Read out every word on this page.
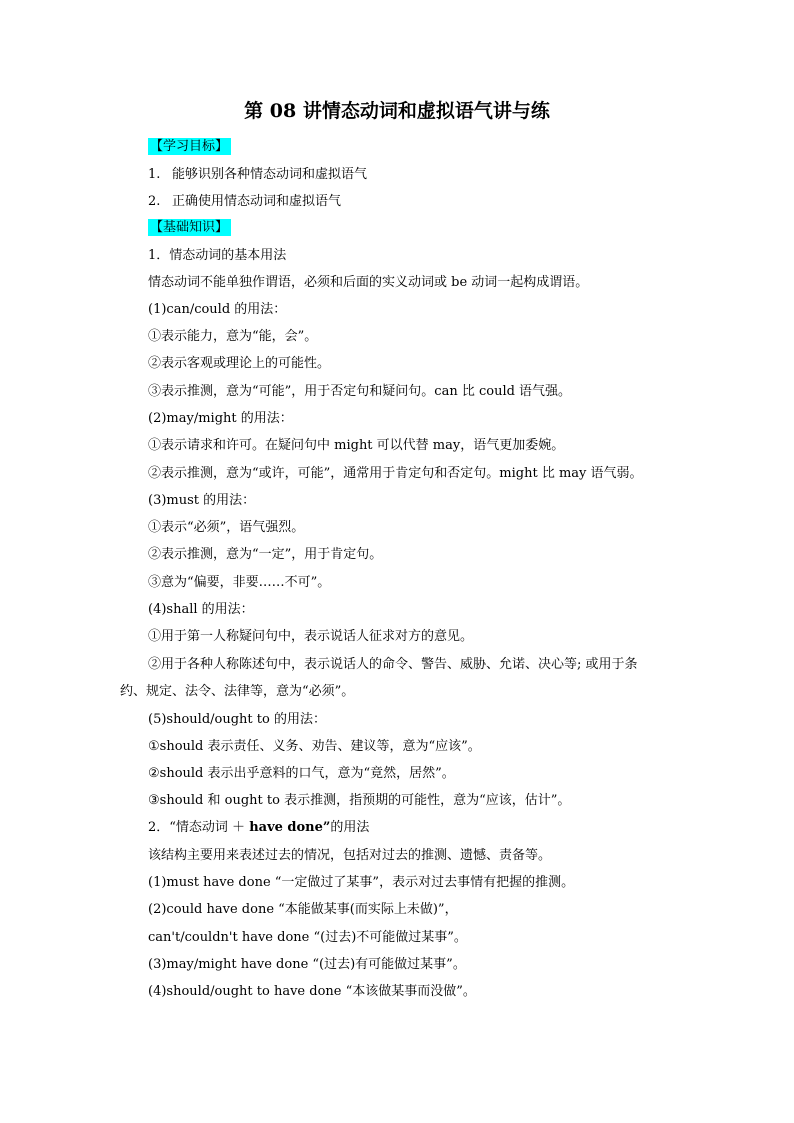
第 08 讲情态动词和虚拟语气讲与练
【学习目标】
1. 能够识别各种情态动词和虚拟语气
2. 正确使用情态动词和虚拟语气
【基础知识】
1．情态动词的基本用法
情态动词不能单独作谓语，必须和后面的实义动词或 be 动词一起构成谓语。
(1)can/could 的用法：
①表示能力，意为“能，会”。
②表示客观或理论上的可能性。
③表示推测，意为“可能”，用于否定句和疑问句。can 比 could 语气强。
(2)may/might 的用法：
①表示请求和许可。在疑问句中 might 可以代替 may，语气更加委婉。
②表示推测，意为“或许，可能”，通常用于肯定句和否定句。might 比 may 语气弱。
(3)must 的用法：
①表示“必须”，语气强烈。
②表示推测，意为“一定”，用于肯定句。
③意为“偏要，非要……不可”。
(4)shall 的用法：
①用于第一人称疑问句中，表示说话人征求对方的意见。
②用于各种人称陈述句中，表示说话人的命令、警告、威胁、允诺、决心等; 或用于条
约、规定、法令、法律等，意为“必须”。
(5)should/ought to 的用法：
①should 表示责任、义务、劝告、建议等，意为“应该”。
②should 表示出乎意料的口气，意为“竟然，居然”。
③should 和 ought to 表示推测，指预期的可能性，意为“应该，估计”。
2．“情态动词 ＋ have done”的用法
该结构主要用来表述过去的情况，包括对过去的推测、遗憾、责备等。
(1)must have done “一定做过了某事”，表示对过去事情有把握的推测。
(2)could have done “本能做某事(而实际上未做)”，
can't/couldn't have done “(过去)不可能做过某事”。
(3)may/might have done “(过去)有可能做过某事”。
(4)should/ought to have done “本该做某事而没做”。
